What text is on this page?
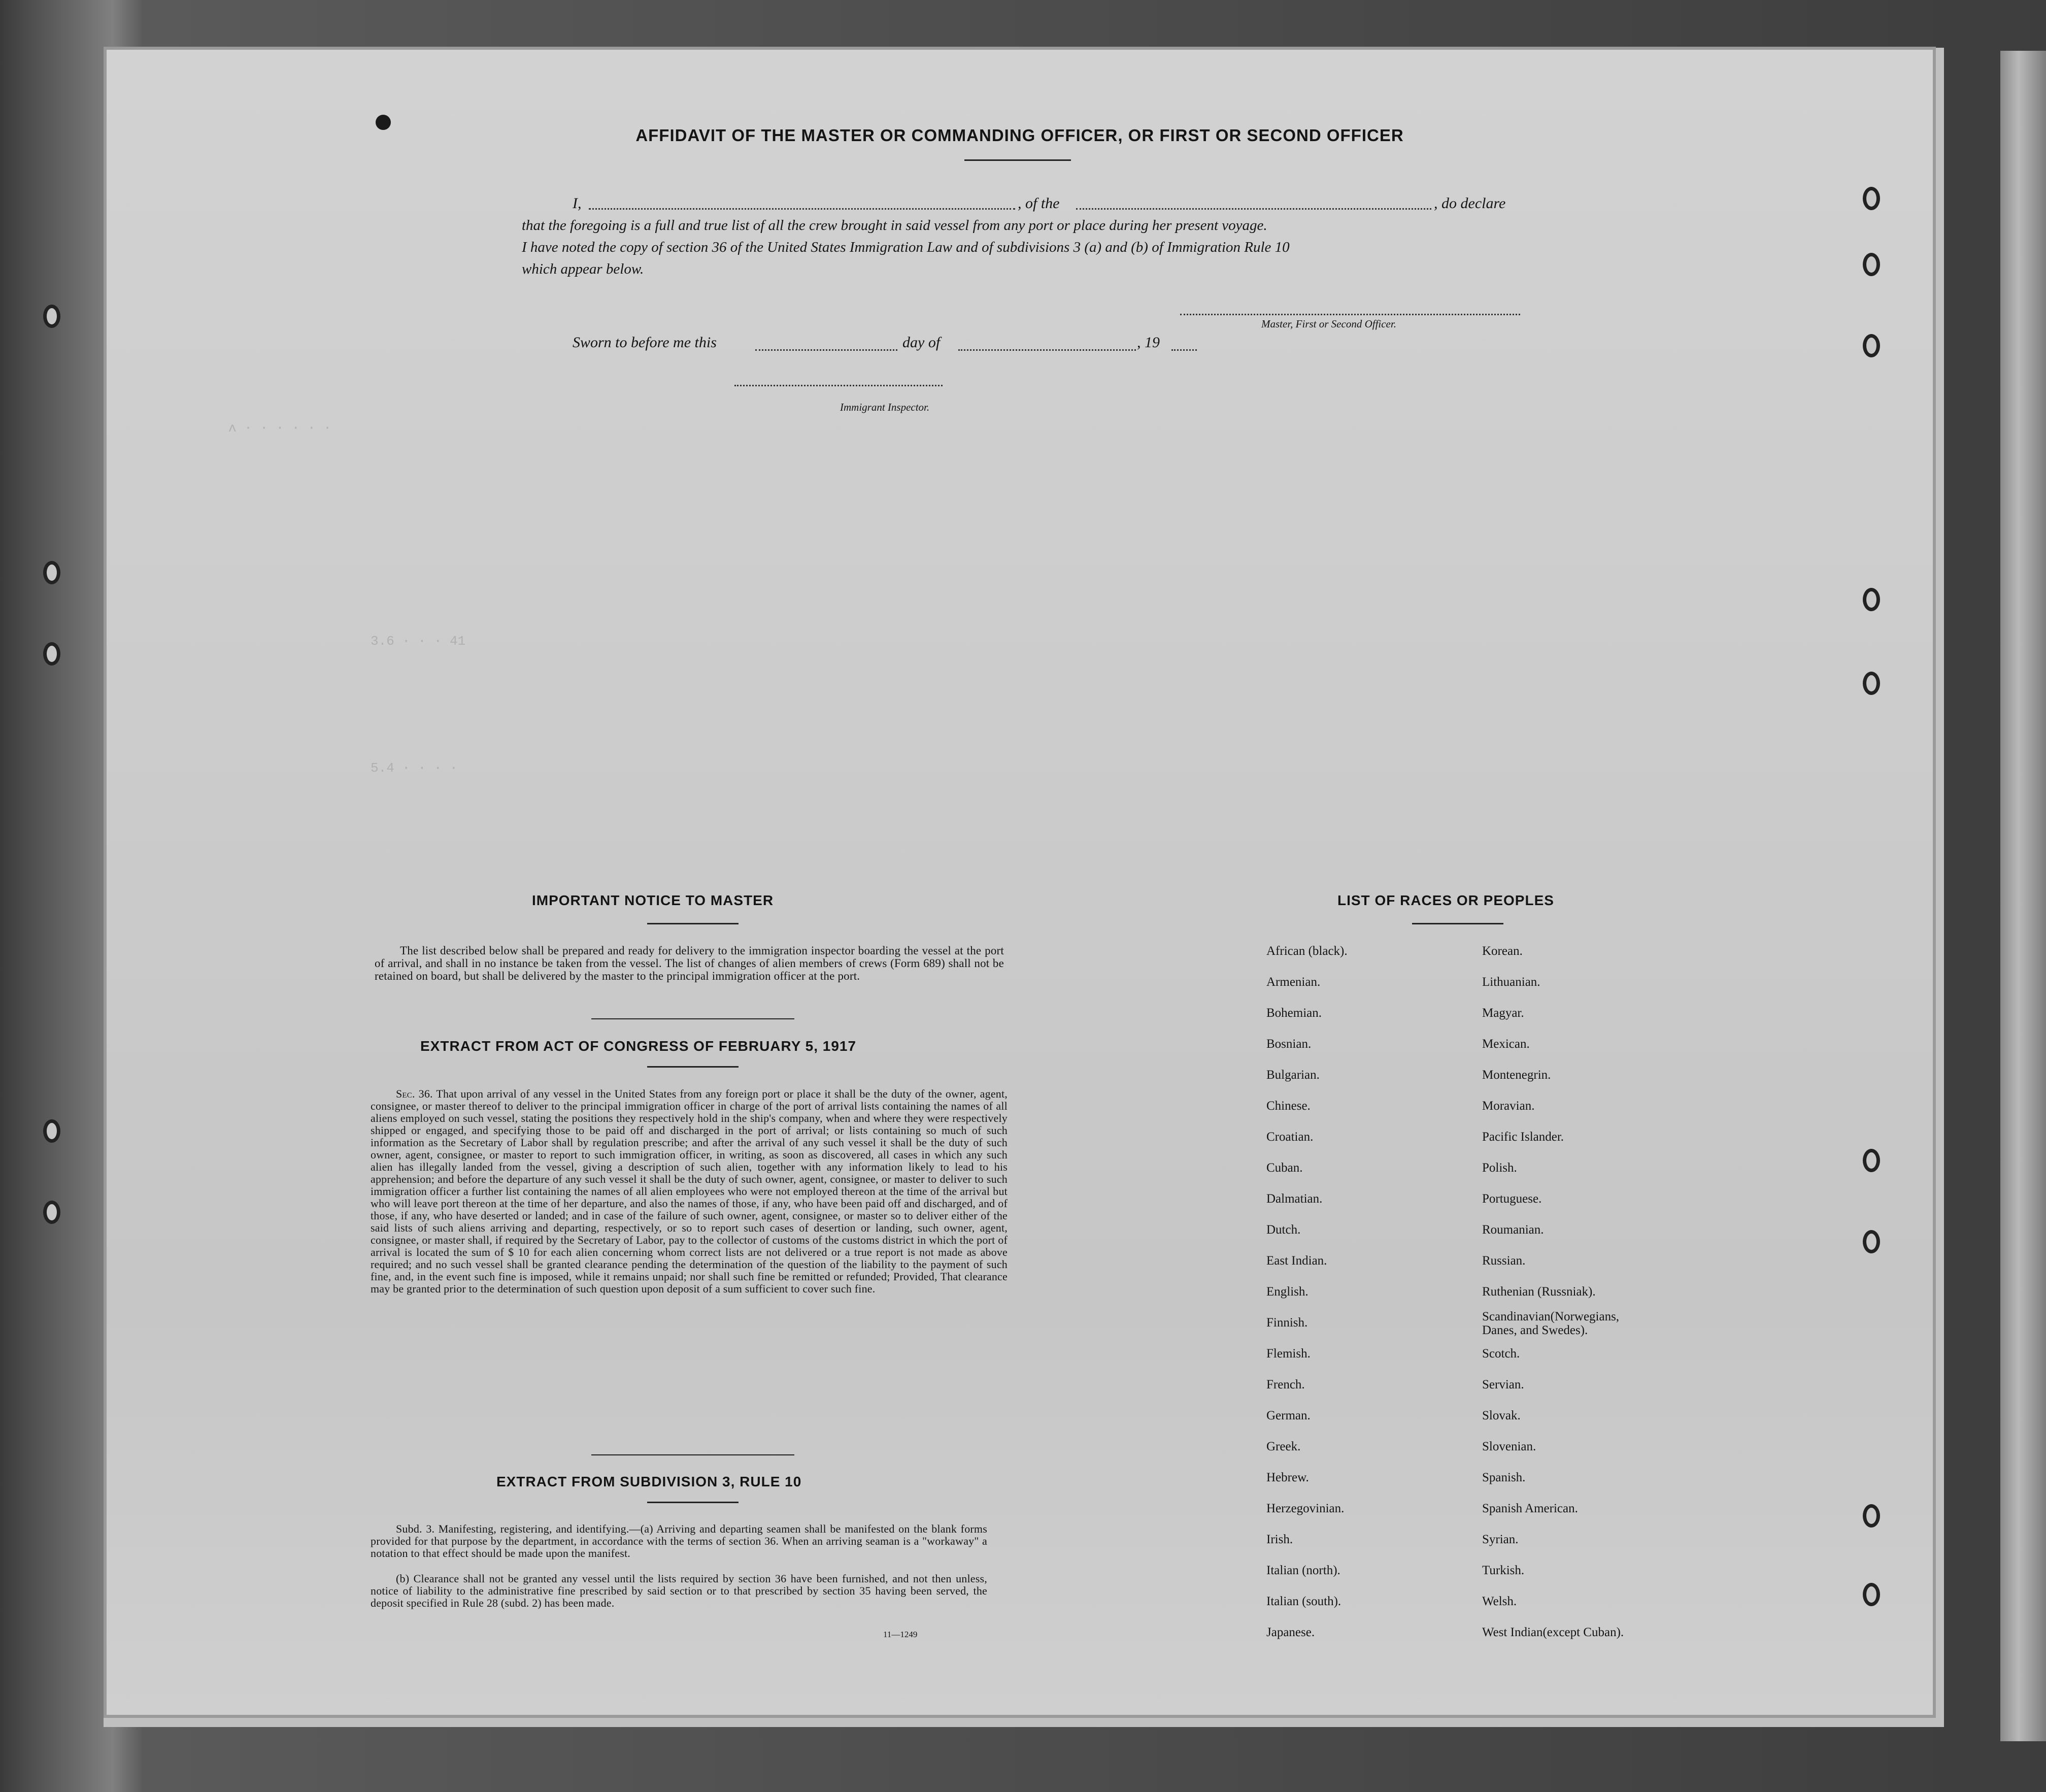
ᴧ · · · · · ·
3.6 · · · 41
5.4 · · · ·
AFFIDAVIT OF THE MASTER OR COMMANDING OFFICER, OR FIRST OR SECOND OFFICER
I,	, of the	, do declare
that the foregoing is a full and true list of all the crew brought in said vessel from any port or place during her present voyage.
I have noted the copy of section 36 of the United States Immigration Law and of subdivisions 3 (a) and (b) of Immigration Rule 10
which appear below.
Master, First or Second Officer.
Sworn to before me this	day of	, 19
Immigrant Inspector.
IMPORTANT NOTICE TO MASTER
The list described below shall be prepared and ready for delivery to the immigration inspector boarding the vessel at the port of arrival, and shall in no instance be taken from the vessel. The list of changes of alien members of crews (Form 689) shall not be retained on board, but shall be delivered by the master to the principal immigration officer at the port.
EXTRACT FROM ACT OF CONGRESS OF FEBRUARY 5, 1917
Sec. 36. That upon arrival of any vessel in the United States from any foreign port or place it shall be the duty of the owner, agent, consignee, or master thereof to deliver to the principal immigration officer in charge of the port of arrival lists containing the names of all aliens employed on such vessel, stating the positions they respectively hold in the ship's company, when and where they were respectively shipped or engaged, and specifying those to be paid off and discharged in the port of arrival; or lists containing so much of such information as the Secretary of Labor shall by regulation prescribe; and after the arrival of any such vessel it shall be the duty of such owner, agent, consignee, or master to report to such immigration officer, in writing, as soon as discovered, all cases in which any such alien has illegally landed from the vessel, giving a description of such alien, together with any information likely to lead to his apprehension; and before the departure of any such vessel it shall be the duty of such owner, agent, consignee, or master to deliver to such immigration officer a further list containing the names of all alien employees who were not employed thereon at the time of the arrival but who will leave port thereon at the time of her departure, and also the names of those, if any, who have been paid off and discharged, and of those, if any, who have deserted or landed; and in case of the failure of such owner, agent, consignee, or master so to deliver either of the said lists of such aliens arriving and departing, respectively, or so to report such cases of desertion or landing, such owner, agent, consignee, or master shall, if required by the Secretary of Labor, pay to the collector of customs of the customs district in which the port of arrival is located the sum of $ 10 for each alien concerning whom correct lists are not delivered or a true report is not made as above required; and no such vessel shall be granted clearance pending the determination of the question of the liability to the payment of such fine, and, in the event such fine is imposed, while it remains unpaid; nor shall such fine be remitted or refunded; Provided, That clearance may be granted prior to the determination of such question upon deposit of a sum sufficient to cover such fine.
EXTRACT FROM SUBDIVISION 3, RULE 10
Subd. 3. Manifesting, registering, and identifying.—(a) Arriving and departing seamen shall be manifested on the blank forms provided for that purpose by the department, in accordance with the terms of section 36. When an arriving seaman is a "workaway" a notation to that effect should be made upon the manifest.
(b) Clearance shall not be granted any vessel until the lists required by section 36 have been furnished, and not then unless, notice of liability to the administrative fine prescribed by said section or to that prescribed by section 35 having been served, the deposit specified in Rule 28 (subd. 2) has been made.
11—1249
LIST OF RACES OR PEOPLES
African (black).
Armenian.
Bohemian.
Bosnian.
Bulgarian.
Chinese.
Croatian.
Cuban.
Dalmatian.
Dutch.
East Indian.
English.
Finnish.
Flemish.
French.
German.
Greek.
Hebrew.
Herzegovinian.
Irish.
Italian (north).
Italian (south).
Japanese.
Korean.
Lithuanian.
Magyar.
Mexican.
Montenegrin.
Moravian.
Pacific Islander.
Polish.
Portuguese.
Roumanian.
Russian.
Ruthenian (Russniak).
Scandinavian(Norwegians, Danes, and Swedes).
Scotch.
Servian.
Slovak.
Slovenian.
Spanish.
Spanish American.
Syrian.
Turkish.
Welsh.
West Indian(except Cuban).
